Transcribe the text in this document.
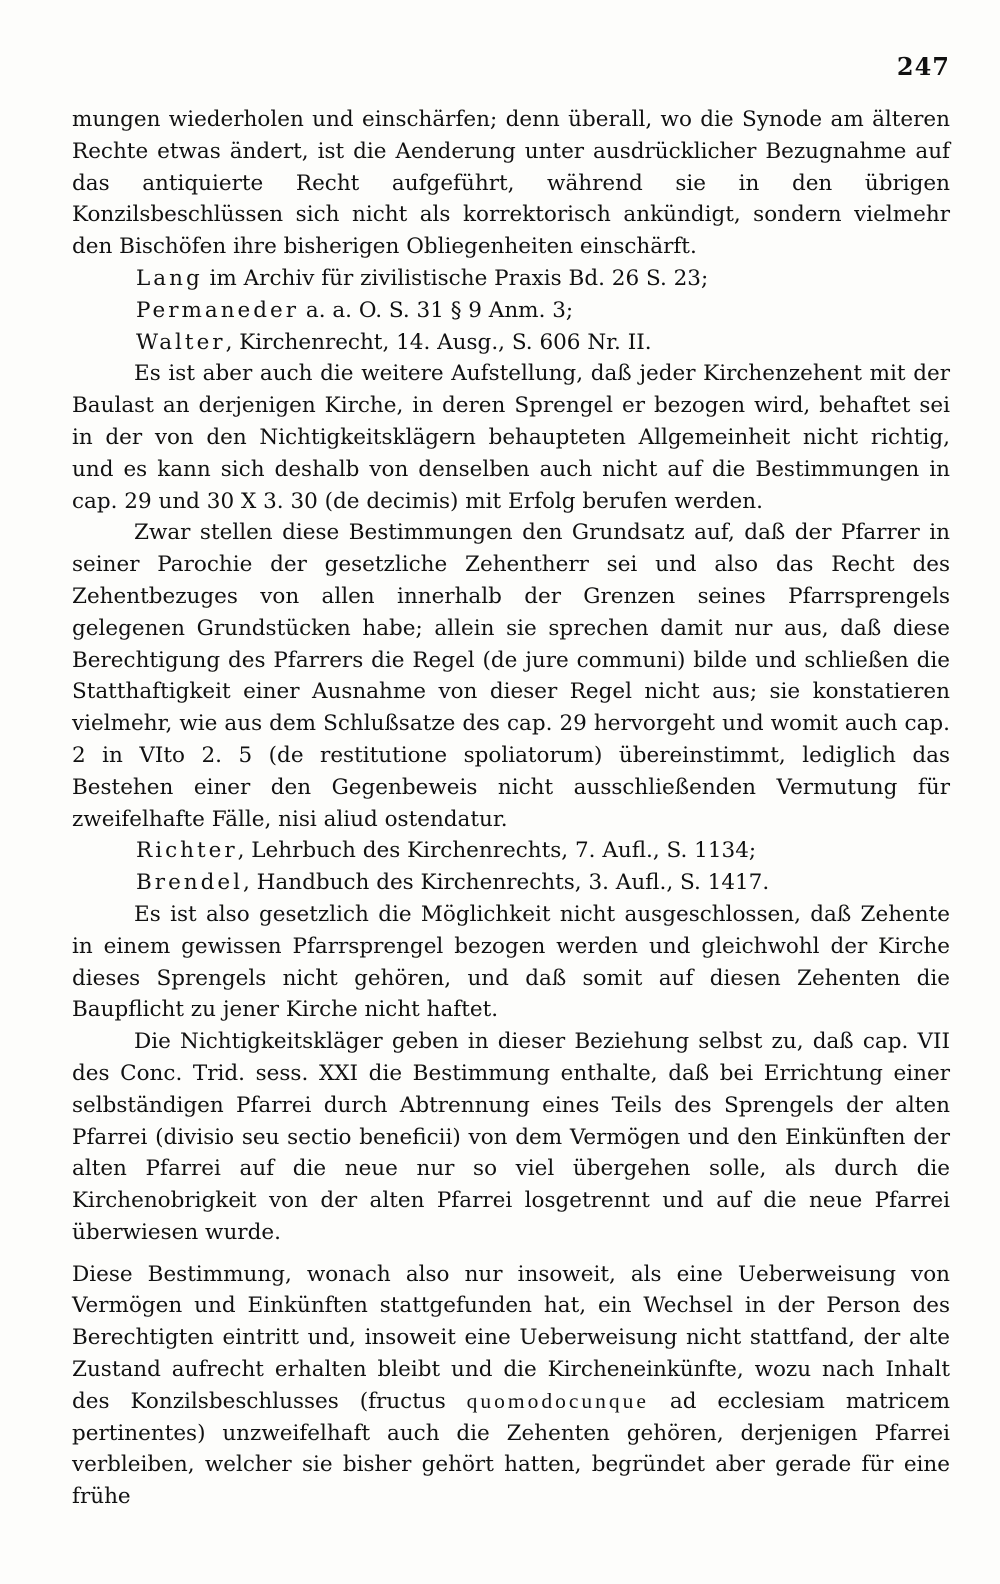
247

mungen wiederholen und einschärfen; denn überall, wo die Synode am älteren Rechte etwas ändert, ist die Aenderung unter ausdrücklicher Bezugnahme auf das antiquierte Recht aufgeführt, während sie in den übrigen Konzilsbeschlüssen sich nicht als korrektorisch ankündigt, sondern vielmehr den Bischöfen ihre bisherigen Obliegenheiten einschärft.

Lang im Archiv für zivilistische Praxis Bd. 26 S. 23;
Permaneder a. a. O. S. 31 § 9 Anm. 3;
Walter, Kirchenrecht, 14. Ausg., S. 606 Nr. II.

Es ist aber auch die weitere Aufstellung, daß jeder Kirchenzehent mit der Baulast an derjenigen Kirche, in deren Sprengel er bezogen wird, behaftet sei in der von den Nichtigkeitsklägern behaupteten Allgemeinheit nicht richtig, und es kann sich deshalb von denselben auch nicht auf die Bestimmungen in cap. 29 und 30 X 3. 30 (de decimis) mit Erfolg berufen werden.

Zwar stellen diese Bestimmungen den Grundsatz auf, daß der Pfarrer in seiner Parochie der gesetzliche Zehentherr sei und also das Recht des Zehentbezuges von allen innerhalb der Grenzen seines Pfarrsprengels gelegenen Grundstücken habe; allein sie sprechen damit nur aus, daß diese Berechtigung des Pfarrers die Regel (de jure communi) bilde und schließen die Statthaftigkeit einer Ausnahme von dieser Regel nicht aus; sie konstatieren vielmehr, wie aus dem Schlußsatze des cap. 29 hervorgeht und womit auch cap. 2 in VIto 2. 5 (de restitutione spoliatorum) übereinstimmt, lediglich das Bestehen einer den Gegenbeweis nicht ausschließenden Vermutung für zweifelhafte Fälle, nisi aliud ostendatur.

Richter, Lehrbuch des Kirchenrechts, 7. Aufl., S. 1134;
Brendel, Handbuch des Kirchenrechts, 3. Aufl., S. 1417.

Es ist also gesetzlich die Möglichkeit nicht ausgeschlossen, daß Zehente in einem gewissen Pfarrsprengel bezogen werden und gleichwohl der Kirche dieses Sprengels nicht gehören, und daß somit auf diesen Zehenten die Baupflicht zu jener Kirche nicht haftet.

Die Nichtigkeitskläger geben in dieser Beziehung selbst zu, daß cap. VII des Conc. Trid. sess. XXI die Bestimmung enthalte, daß bei Errichtung einer selbständigen Pfarrei durch Abtrennung eines Teils des Sprengels der alten Pfarrei (divisio seu sectio beneficii) von dem Vermögen und den Einkünften der alten Pfarrei auf die neue nur so viel übergehen solle, als durch die Kirchenobrigkeit von der alten Pfarrei losgetrennt und auf die neue Pfarrei überwiesen wurde.

Diese Bestimmung, wonach also nur insoweit, als eine Ueberweisung von Vermögen und Einkünften stattgefunden hat, ein Wechsel in der Person des Berechtigten eintritt und, insoweit eine Ueberweisung nicht stattfand, der alte Zustand aufrecht erhalten bleibt und die Kircheneinkünfte, wozu nach Inhalt des Konzilsbeschlusses (fructus quomodocunque ad ecclesiam matricem pertinentes) unzweifelhaft auch die Zehenten gehören, derjenigen Pfarrei verbleiben, welcher sie bisher gehört hatten, begründet aber gerade für eine frühe
